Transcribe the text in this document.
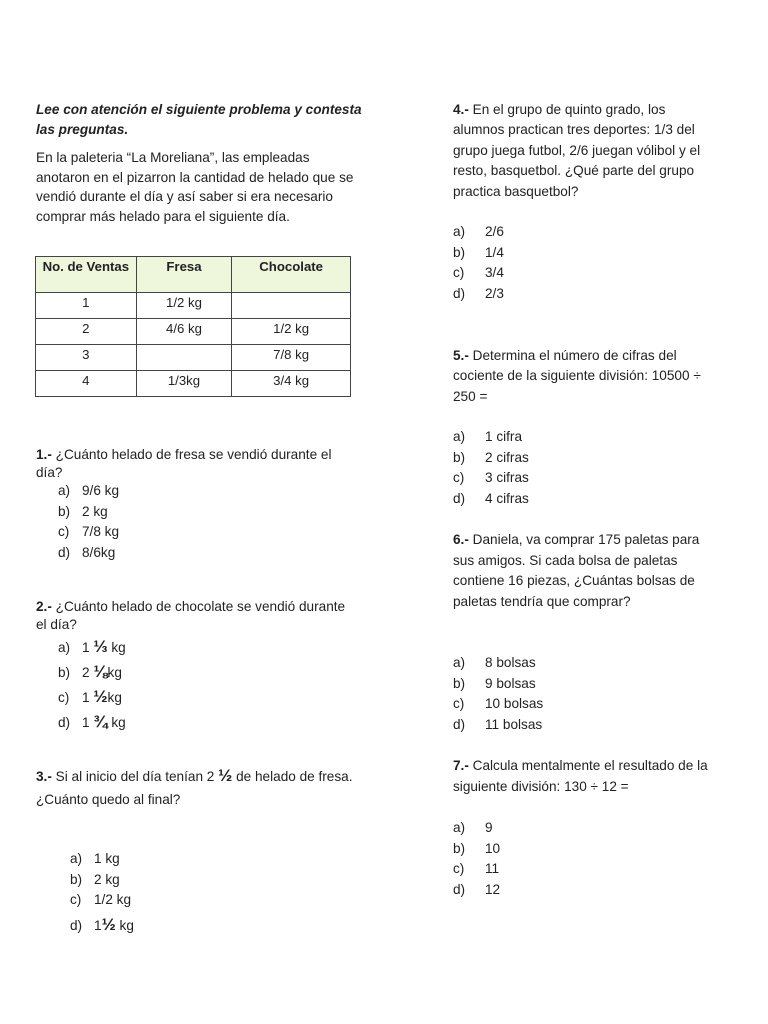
Lee con atención el siguiente problema y contesta las preguntas.
En la paleteria “La Moreliana”, las empleadas anotaron en el pizarron la cantidad de helado que se vendió durante el día y así saber si era necesario comprar más helado para el siguiente día.
No. de Ventas	Fresa	Chocolate
1	1/2 kg	
2	4/6 kg	1/2 kg
3		7/8 kg
4	1/3kg	3/4 kg
1.- ¿Cuánto helado de fresa se vendió durante el día?
a) 9/6 kg
b) 2 kg
c) 7/8 kg
d) 8/6kg
2.- ¿Cuánto helado de chocolate se vendió durante el día?
a) 1
⅓
kg
b) 2
⅛ kg
c) 1
½ kg
d) 1
¾
kg
3.- Si al inicio del día tenían 2 ½ de helado de fresa. ¿Cuánto quedo al final?
a) 1 kg
b) 2 kg
c) 1/2 kg
d) 1 ½
kg
4.- En el grupo de quinto grado, los alumnos practican tres deportes: 1/3 del grupo juega futbol, 2/6 juegan vólibol y el resto, basquetbol. ¿Qué parte del grupo practica basquetbol?
a)	2/6
b)	1/4
c)	3/4
d)	2/3
5.- Determina el número de cifras del cociente de la siguiente división: 10500 ÷ 250 =
a)	1 cifra
b)	2 cifras
c)	3 cifras
d)	4 cifras
6.- Daniela, va comprar 175 paletas para sus amigos. Si cada bolsa de paletas contiene 16 piezas, ¿Cuántas bolsas de paletas tendría que comprar?
a)	8 bolsas
b)	9 bolsas
c)	10 bolsas
d)	11 bolsas
7.- Calcula mentalmente el resultado de la siguiente división: 130 ÷ 12 =
a)	9
b)	10
c)	11
d)	12
